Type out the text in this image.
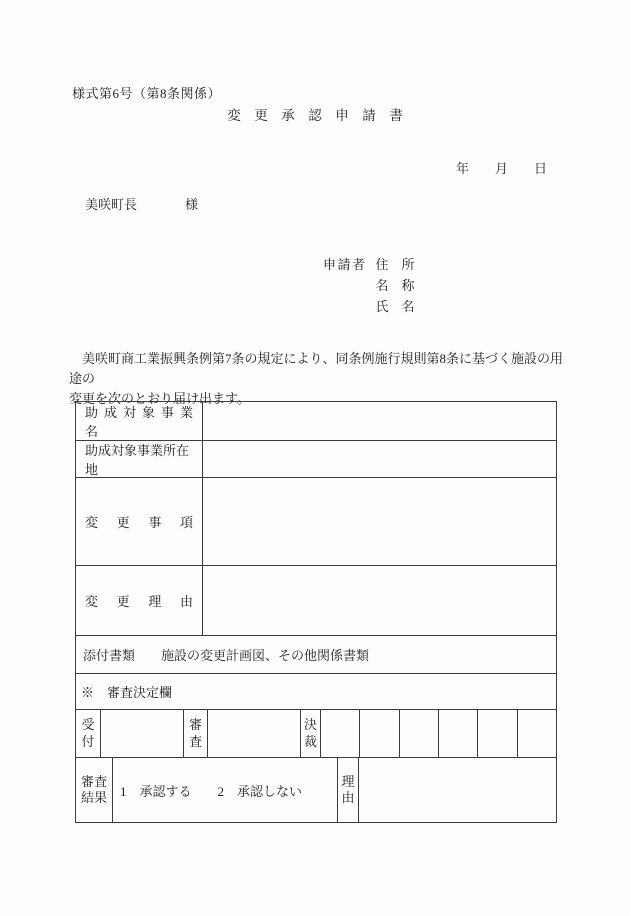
様式第6号（第8条関係）
変　更　承　認　申　請　書
年　　月　　日
美咲町長	様
申請者 住　所
名　称
氏　名
　美咲町商工業振興条例第7条の規定により、同条例施行規則第8条に基づく施設の用途の
変更を次のとおり届け出ます。
助 成 対 象 事 業 名
助成対象事業所在地
変 更 事 項
変 更 理 由
添付書類　　施設の変更計画図、その他関係書類
※　審査決定欄
受付
審査
決裁
審査結果	1　承認する　　2　承認しない
理由
